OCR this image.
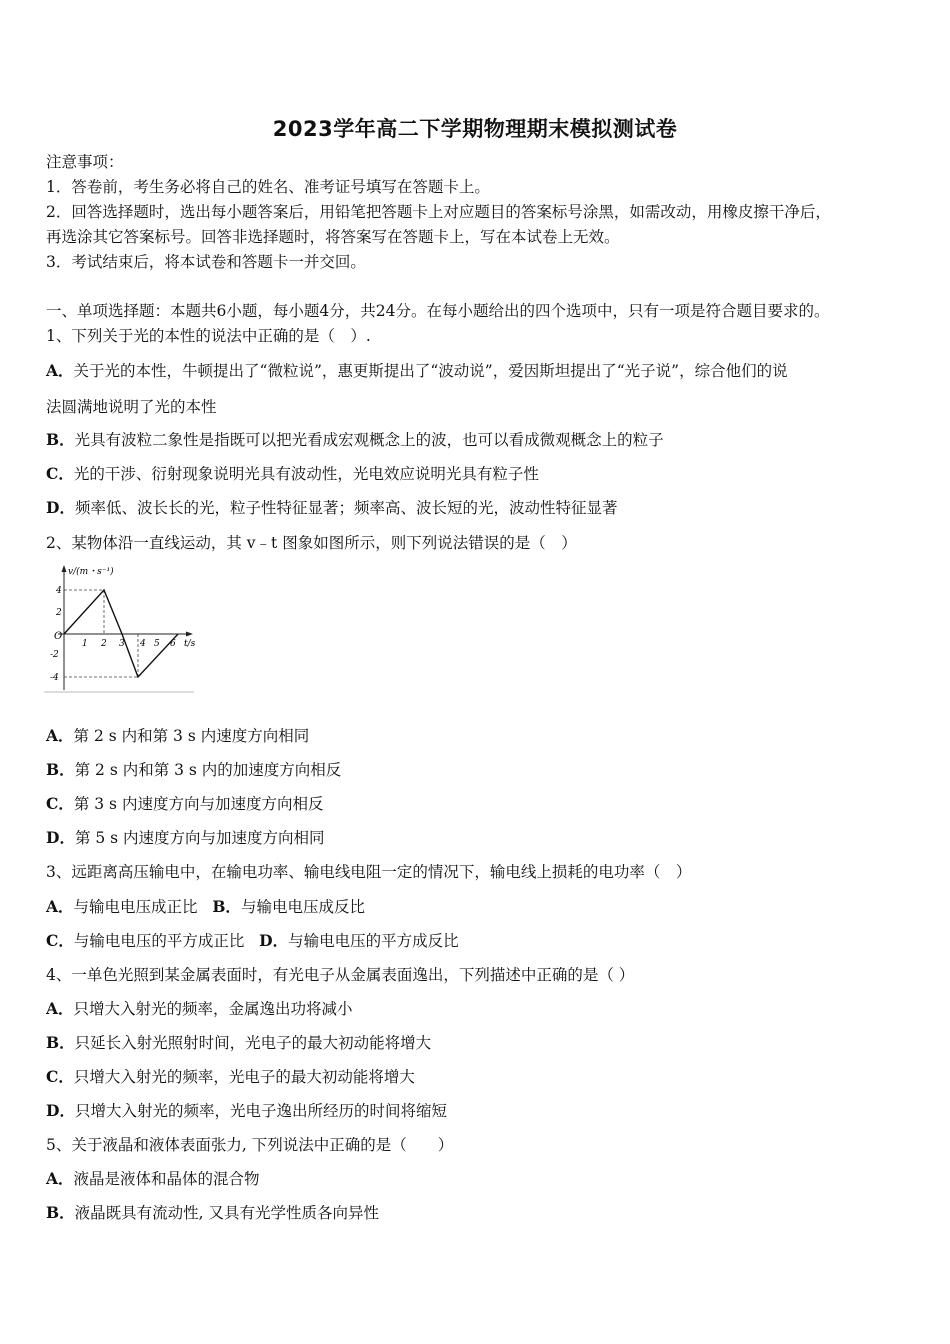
2023学年高二下学期物理期末模拟测试卷
注意事项：
1．答卷前，考生务必将自己的姓名、准考证号填写在答题卡上。
2．回答选择题时，选出每小题答案后，用铅笔把答题卡上对应题目的答案标号涂黑，如需改动，用橡皮擦干净后，
再选涂其它答案标号。回答非选择题时，将答案写在答题卡上，写在本试卷上无效。
3．考试结束后，将本试卷和答题卡一并交回。
一、单项选择题：本题共6小题，每小题4分，共24分。在每小题给出的四个选项中，只有一项是符合题目要求的。
1、下列关于光的本性的说法中正确的是（　）.
A．关于光的本性，牛顿提出了“微粒说”，惠更斯提出了“波动说”，爱因斯坦提出了“光子说”，综合他们的说
法圆满地说明了光的本性
B．光具有波粒二象性是指既可以把光看成宏观概念上的波，也可以看成微观概念上的粒子
C．光的干涉、衍射现象说明光具有波动性，光电效应说明光具有粒子性
D．频率低、波长长的光，粒子性特征显著；频率高、波长短的光，波动性特征显著
2、某物体沿一直线运动，其 v﹣t 图象如图所示，则下列说法错误的是（　）
v/(m・s⁻¹)
t/s
O
4
2
-2
-4
1 2 3 4 5 6
A．第 2 s 内和第 3 s 内速度方向相同
B．第 2 s 内和第 3 s 内的加速度方向相反
C．第 3 s 内速度方向与加速度方向相反
D．第 5 s 内速度方向与加速度方向相同
3、远距离高压输电中，在输电功率、输电线电阻一定的情况下，输电线上损耗的电功率（　）
A．与输电电压成正比 B．与输电电压成反比
C．与输电电压的平方成正比 D．与输电电压的平方成反比
4、一单色光照到某金属表面时，有光电子从金属表面逸出，下列描述中正确的是（ ）
A．只增大入射光的频率，金属逸出功将减小
B．只延长入射光照射时间，光电子的最大初动能将增大
C．只增大入射光的频率，光电子的最大初动能将增大
D．只增大入射光的频率，光电子逸出所经历的时间将缩短
5、关于液晶和液体表面张力, 下列说法中正确的是（　　）
A．液晶是液体和晶体的混合物
B．液晶既具有流动性, 又具有光学性质各向异性
